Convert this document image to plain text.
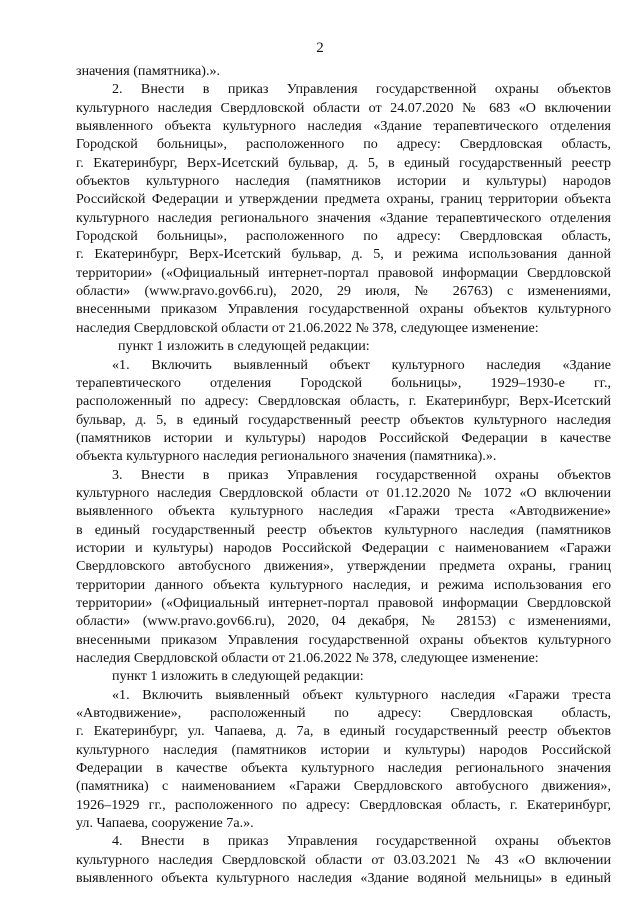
2
значения (памятника).».
2. Внести в приказ Управления государственной охраны объектов
культурного наследия Свердловской области от 24.07.2020 № 683 «О включении
выявленного объекта культурного наследия «Здание терапевтического отделения
Городской больницы», расположенного по адресу: Свердловская область,
г. Екатеринбург, Верх-Исетский бульвар, д. 5, в единый государственный реестр
объектов культурного наследия (памятников истории и культуры) народов
Российской Федерации и утверждении предмета охраны, границ территории объекта
культурного наследия регионального значения «Здание терапевтического отделения
Городской больницы», расположенного по адресу: Свердловская область,
г. Екатеринбург, Верх-Исетский бульвар, д. 5, и режима использования данной
территории» («Официальный интернет-портал правовой информации Свердловской
области» (www.pravo.gov66.ru), 2020, 29 июля, № 26763) с изменениями,
внесенными приказом Управления государственной охраны объектов культурного
наследия Свердловской области от 21.06.2022 № 378, следующее изменение:
пункт 1 изложить в следующей редакции:
«1. Включить выявленный объект культурного наследия «Здание
терапевтического отделения Городской больницы», 1929–1930-е гг.,
расположенный по адресу: Свердловская область, г. Екатеринбург, Верх-Исетский
бульвар, д. 5, в единый государственный реестр объектов культурного наследия
(памятников истории и культуры) народов Российской Федерации в качестве
объекта культурного наследия регионального значения (памятника).».
3. Внести в приказ Управления государственной охраны объектов
культурного наследия Свердловской области от 01.12.2020 № 1072 «О включении
выявленного объекта культурного наследия «Гаражи треста «Автодвижение»
в единый государственный реестр объектов культурного наследия (памятников
истории и культуры) народов Российской Федерации с наименованием «Гаражи
Свердловского автобусного движения», утверждении предмета охраны, границ
территории данного объекта культурного наследия, и режима использования его
территории» («Официальный интернет-портал правовой информации Свердловской
области» (www.pravo.gov66.ru), 2020, 04 декабря, № 28153) с изменениями,
внесенными приказом Управления государственной охраны объектов культурного
наследия Свердловской области от 21.06.2022 № 378, следующее изменение:
пункт 1 изложить в следующей редакции:
«1. Включить выявленный объект культурного наследия «Гаражи треста
«Автодвижение», расположенный по адресу: Свердловская область,
г. Екатеринбург, ул. Чапаева, д. 7а, в единый государственный реестр объектов
культурного наследия (памятников истории и культуры) народов Российской
Федерации в качестве объекта культурного наследия регионального значения
(памятника) с наименованием «Гаражи Свердловского автобусного движения»,
1926–1929 гг., расположенного по адресу: Свердловская область, г. Екатеринбург,
ул. Чапаева, сооружение 7а.».
4. Внести в приказ Управления государственной охраны объектов
культурного наследия Свердловской области от 03.03.2021 № 43 «О включении
выявленного объекта культурного наследия «Здание водяной мельницы» в единый
